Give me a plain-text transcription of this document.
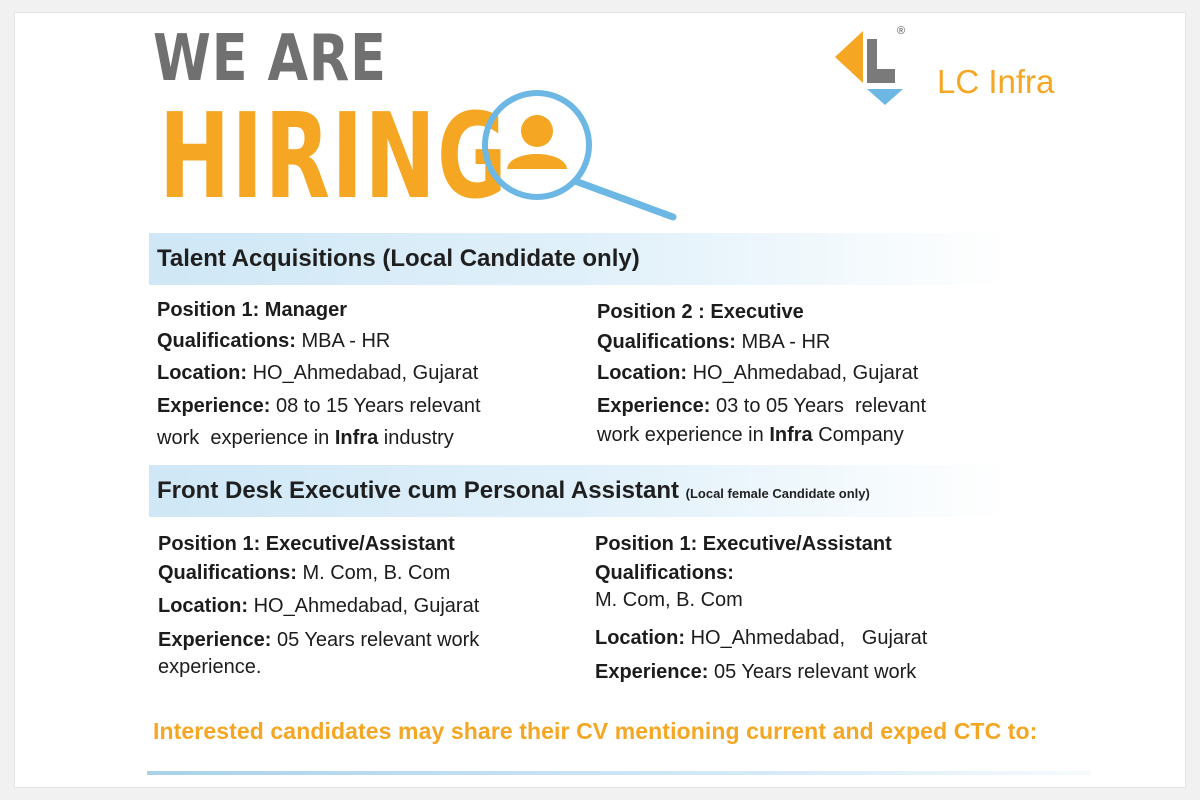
WE ARE
HIRING
®
LC Infra
Talent Acquisitions (Local Candidate only)
Position 1: Manager
Qualifications: MBA - HR
Location: HO_Ahmedabad, Gujarat
Experience: 08 to 15 Years relevant
work  experience in Infra industry
Position 2 : Executive
Qualifications: MBA - HR
Location: HO_Ahmedabad, Gujarat
Experience: 03 to 05 Years  relevant
work experience in Infra Company
Front Desk Executive cum Personal Assistant (Local female Candidate only)
Position 1: Executive/Assistant
Qualifications: M. Com, B. Com
Location: HO_Ahmedabad, Gujarat
Experience: 05 Years relevant work
experience.
Position 1: Executive/Assistant
Qualifications:
M. Com, B. Com
Location: HO_Ahmedabad,   Gujarat
Experience: 05 Years relevant work
Interested candidates may share their CV mentioning current and exped CTC to:
